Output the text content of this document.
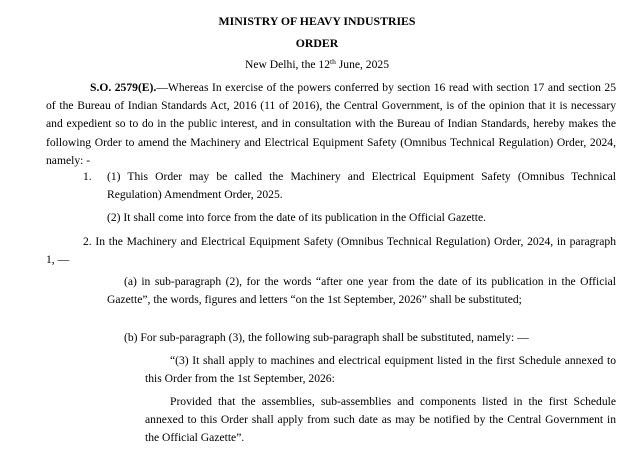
MINISTRY OF HEAVY INDUSTRIES
ORDER
New Delhi, the 12th June, 2025
S.O. 2579(E).—Whereas In exercise of the powers conferred by section 16 read with section 17 and section 25 of the Bureau of Indian Standards Act, 2016 (11 of 2016), the Central Government, is of the opinion that it is necessary and expedient so to do in the public interest, and in consultation with the Bureau of Indian Standards, hereby makes the following Order to amend the Machinery and Electrical Equipment Safety (Omnibus Technical Regulation) Order, 2024, namely: -
1. (1) This Order may be called the Machinery and Electrical Equipment Safety (Omnibus Technical Regulation) Amendment Order, 2025.
(2) It shall come into force from the date of its publication in the Official Gazette.
2. In the Machinery and Electrical Equipment Safety (Omnibus Technical Regulation) Order, 2024, in paragraph 1, —
(a) in sub-paragraph (2), for the words “after one year from the date of its publication in the Official Gazette”, the words, figures and letters “on the 1st September, 2026” shall be substituted;
(b) For sub-paragraph (3), the following sub-paragraph shall be substituted, namely: —
“(3) It shall apply to machines and electrical equipment listed in the first Schedule annexed to this Order from the 1st September, 2026:
Provided that the assemblies, sub-assemblies and components listed in the first Schedule annexed to this Order shall apply from such date as may be notified by the Central Government in the Official Gazette”.
